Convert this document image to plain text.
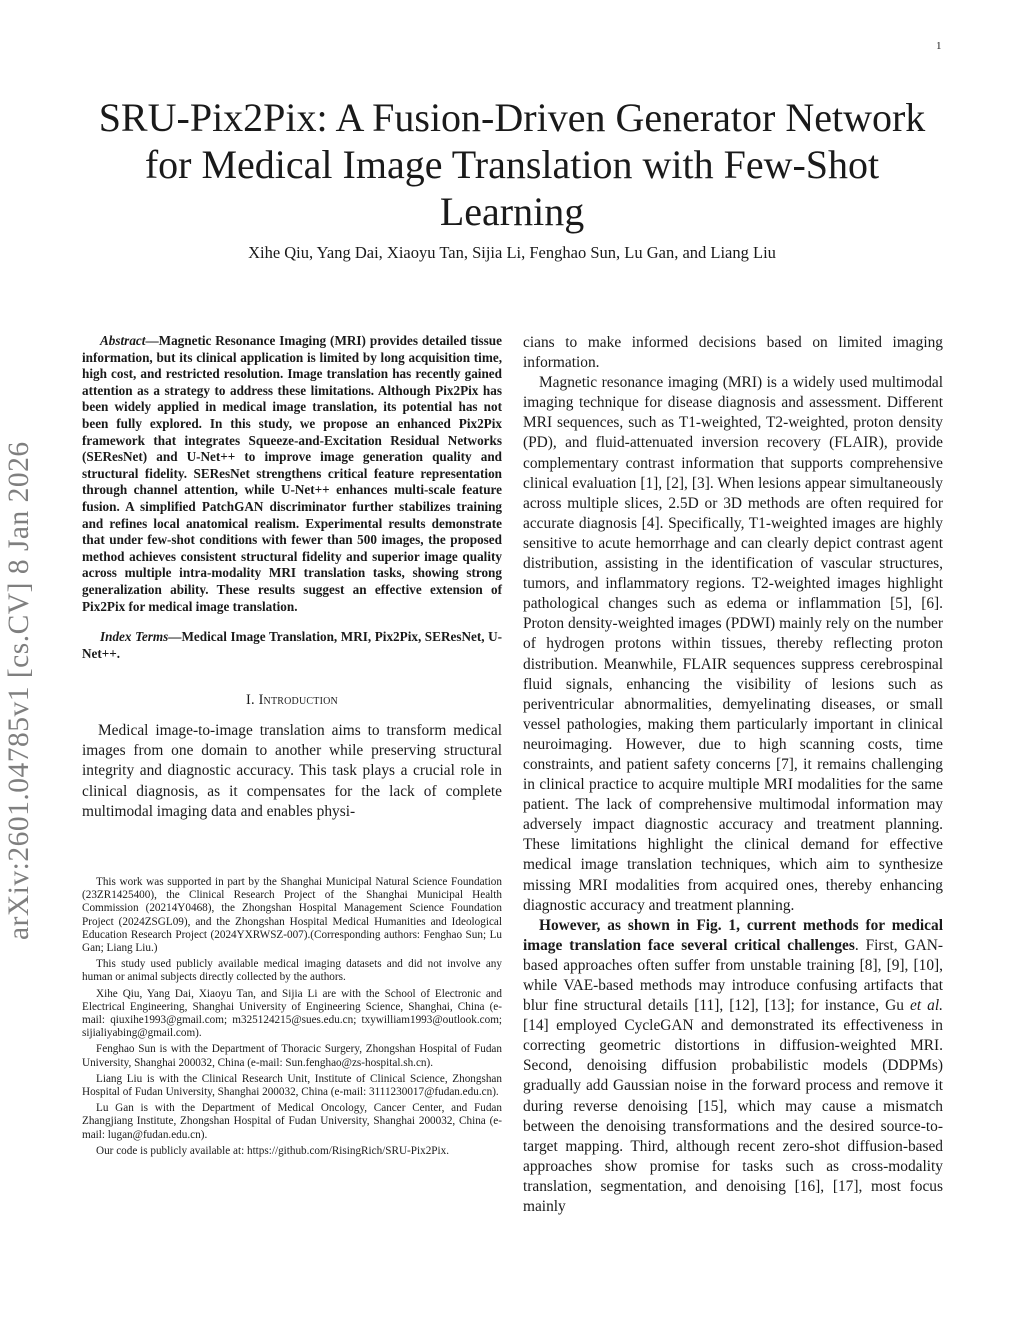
1
arXiv:2601.04785v1 [cs.CV] 8 Jan 2026
SRU-Pix2Pix: A Fusion-Driven Generator Network for Medical Image Translation with Few-Shot Learning
Xihe Qiu, Yang Dai, Xiaoyu Tan, Sijia Li, Fenghao Sun, Lu Gan, and Liang Liu

Abstract—Magnetic Resonance Imaging (MRI) provides detailed tissue information, but its clinical application is limited by long acquisition time, high cost, and restricted resolution. Image translation has recently gained attention as a strategy to address these limitations. Although Pix2Pix has been widely applied in medical image translation, its potential has not been fully explored. In this study, we propose an enhanced Pix2Pix framework that integrates Squeeze-and-Excitation Residual Networks (SEResNet) and U-Net++ to improve image generation quality and structural fidelity. SEResNet strengthens critical feature representation through channel attention, while U-Net++ enhances multi-scale feature fusion. A simplified PatchGAN discriminator further stabilizes training and refines local anatomical realism. Experimental results demonstrate that under few-shot conditions with fewer than 500 images, the proposed method achieves consistent structural fidelity and superior image quality across multiple intra-modality MRI translation tasks, showing strong generalization ability. These results suggest an effective extension of Pix2Pix for medical image translation.

Index Terms—Medical Image Translation, MRI, Pix2Pix, SEResNet, U-Net++.

I. Introduction

Medical image-to-image translation aims to transform medical images from one domain to another while preserving structural integrity and diagnostic accuracy. This task plays a crucial role in clinical diagnosis, as it compensates for the lack of complete multimodal imaging data and enables physi-

This work was supported in part by the Shanghai Municipal Natural Science Foundation (23ZR1425400), the Clinical Research Project of the Shanghai Municipal Health Commission (20214Y0468), the Zhongshan Hospital Management Science Foundation Project (2024ZSGL09), and the Zhongshan Hospital Medical Humanities and Ideological Education Research Project (2024YXRWSZ-007).(Corresponding authors: Fenghao Sun; Lu Gan; Liang Liu.)

This study used publicly available medical imaging datasets and did not involve any human or animal subjects directly collected by the authors.

Xihe Qiu, Yang Dai, Xiaoyu Tan, and Sijia Li are with the School of Electronic and Electrical Engineering, Shanghai University of Engineering Science, Shanghai, China (e-mail: qiuxihe1993@gmail.com; m325124215@sues.edu.cn; txywilliam1993@outlook.com; sijialiyabing@gmail.com).

Fenghao Sun is with the Department of Thoracic Surgery, Zhongshan Hospital of Fudan University, Shanghai 200032, China (e-mail: Sun.fenghao@zs-hospital.sh.cn).

Liang Liu is with the Clinical Research Unit, Institute of Clinical Science, Zhongshan Hospital of Fudan University, Shanghai 200032, China (e-mail: 3111230017@fudan.edu.cn).

Lu Gan is with the Department of Medical Oncology, Cancer Center, and Fudan Zhangjiang Institute, Zhongshan Hospital of Fudan University, Shanghai 200032, China (e-mail: lugan@fudan.edu.cn).

Our code is publicly available at: https://github.com/RisingRich/SRU-Pix2Pix.

cians to make informed decisions based on limited imaging information.

Magnetic resonance imaging (MRI) is a widely used multimodal imaging technique for disease diagnosis and assessment. Different MRI sequences, such as T1-weighted, T2-weighted, proton density (PD), and fluid-attenuated inversion recovery (FLAIR), provide complementary contrast information that supports comprehensive clinical evaluation [1], [2], [3]. When lesions appear simultaneously across multiple slices, 2.5D or 3D methods are often required for accurate diagnosis [4]. Specifically, T1-weighted images are highly sensitive to acute hemorrhage and can clearly depict contrast agent distribution, assisting in the identification of vascular structures, tumors, and inflammatory regions. T2-weighted images highlight pathological changes such as edema or inflammation [5], [6]. Proton density-weighted images (PDWI) mainly rely on the number of hydrogen protons within tissues, thereby reflecting proton distribution. Meanwhile, FLAIR sequences suppress cerebrospinal fluid signals, enhancing the visibility of lesions such as periventricular abnormalities, demyelinating diseases, or small vessel pathologies, making them particularly important in clinical neuroimaging. However, due to high scanning costs, time constraints, and patient safety concerns [7], it remains challenging in clinical practice to acquire multiple MRI modalities for the same patient. The lack of comprehensive multimodal information may adversely impact diagnostic accuracy and treatment planning. These limitations highlight the clinical demand for effective medical image translation techniques, which aim to synthesize missing MRI modalities from acquired ones, thereby enhancing diagnostic accuracy and treatment planning.

However, as shown in Fig. 1, current methods for medical image translation face several critical challenges. First, GAN-based approaches often suffer from unstable training [8], [9], [10], while VAE-based methods may introduce confusing artifacts that blur fine structural details [11], [12], [13]; for instance, Gu et al. [14] employed CycleGAN and demonstrated its effectiveness in correcting geometric distortions in diffusion-weighted MRI. Second, denoising diffusion probabilistic models (DDPMs) gradually add Gaussian noise in the forward process and remove it during reverse denoising [15], which may cause a mismatch between the denoising transformations and the desired source-to-target mapping. Third, although recent zero-shot diffusion-based approaches show promise for tasks such as cross-modality translation, segmentation, and denoising [16], [17], most focus mainly
